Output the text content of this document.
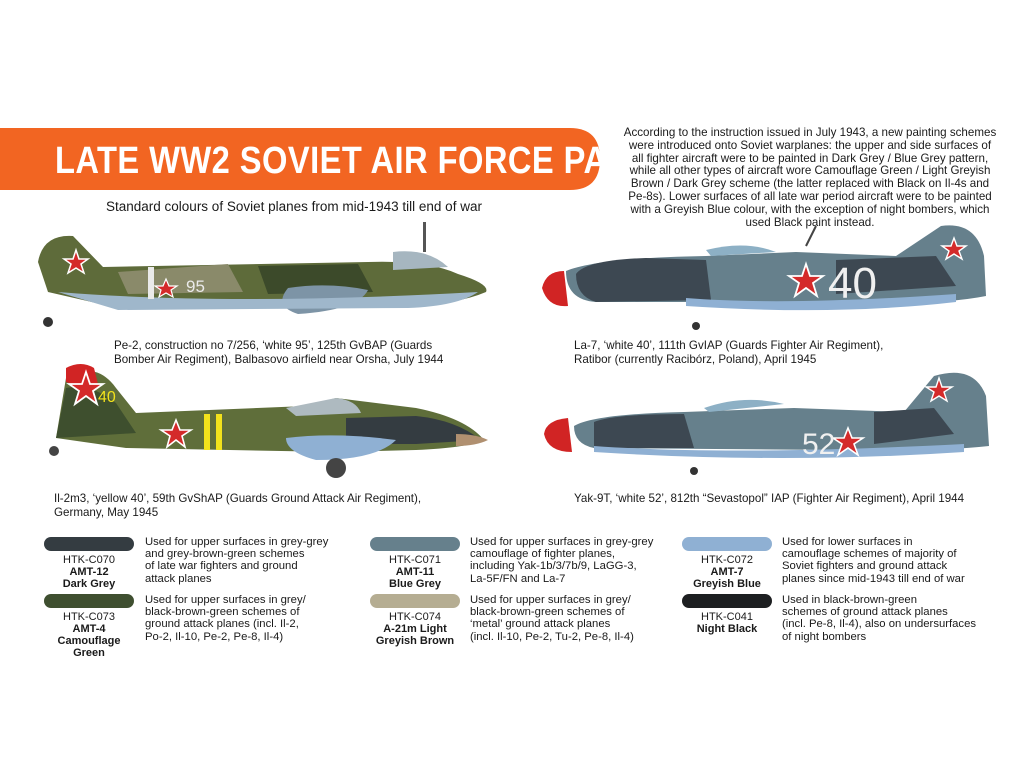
LATE WW2 SOVIET AIR FORCE PAINT SET
Standard colours of Soviet planes from mid-1943 till end of war
According to the instruction issued in July 1943, a new painting schemes
were introduced onto Soviet warplanes: the upper and side surfaces of
all fighter aircraft were to be painted in Dark Grey / Blue Grey pattern,
while all other types of aircraft wore Camouflage Green / Light Greyish
Brown / Dark Grey scheme (the latter replaced with Black on Il-4s and
Pe-8s). Lower surfaces of all late war period aircraft were to be painted
with a Greyish Blue colour, with the exception of night bombers, which
used Black paint instead.
95	40
40
52
Pe-2, construction no 7/256, ‘white 95’, 125th GvBAP (Guards
Bomber Air Regiment), Balbasovo airfield near Orsha, July 1944
La-7, ‘white 40’, 111th GvIAP (Guards Fighter Air Regiment),
Ratibor (currently Racibórz, Poland), April 1945
Il-2m3, ‘yellow 40’, 59th GvShAP (Guards Ground Attack Air Regiment),
Germany, May 1945
Yak-9T, ‘white 52’, 812th “Sevastopol” IAP (Fighter Air Regiment), April 1944
HTK-C070
AMT-12
Dark Grey
Used for upper surfaces in grey-grey
and grey-brown-green schemes
of late war fighters and ground
attack planes
HTK-C071
AMT-11
Blue Grey
Used for upper surfaces in grey-grey
camouflage of fighter planes,
including Yak-1b/3/7b/9, LaGG-3,
La-5F/FN and La-7
HTK-C072
AMT-7
Greyish Blue
Used for lower surfaces in
camouflage schemes of majority of
Soviet fighters and ground attack
planes since mid-1943 till end of war
HTK-C073
AMT-4
Camouflage Green
Used for upper surfaces in grey/
black-brown-green schemes of
ground attack planes (incl. Il-2,
Po-2, Il-10, Pe-2, Pe-8, Il-4)
HTK-C074
A-21m Light
Greyish Brown
Used for upper surfaces in grey/
black-brown-green schemes of
‘metal’ ground attack planes
(incl. Il-10, Pe-2, Tu-2, Pe-8, Il-4)
HTK-C041
Night Black
Used in black-brown-green
schemes of ground attack planes
(incl. Pe-8, Il-4), also on undersurfaces
of night bombers
